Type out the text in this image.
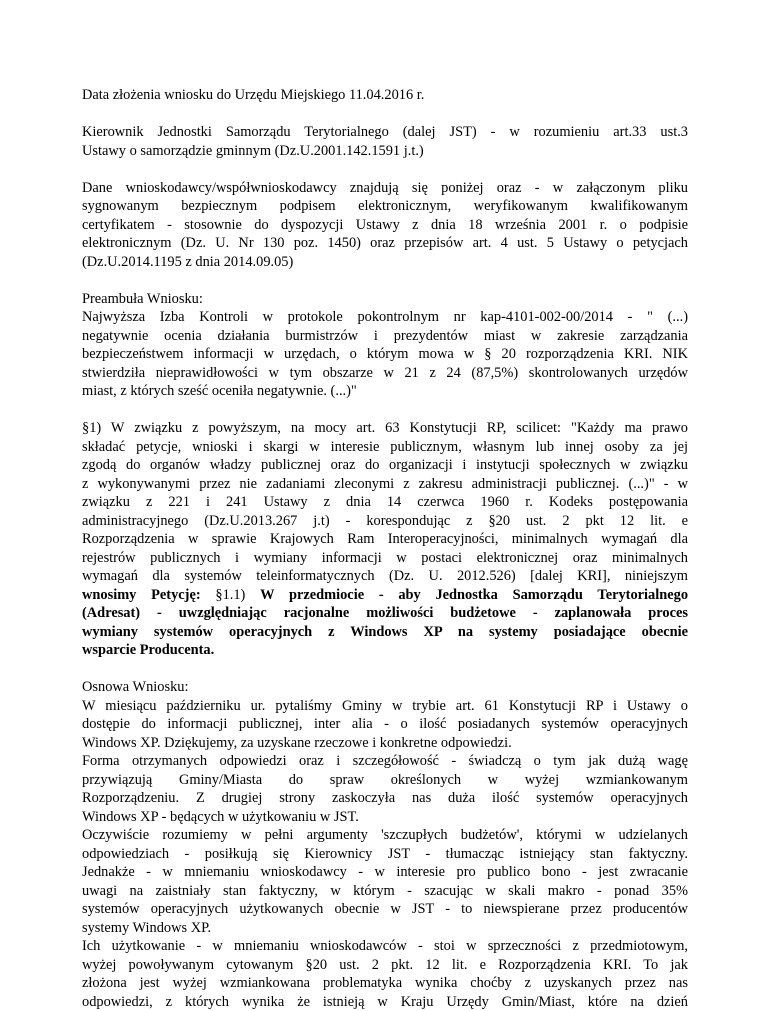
Data złożenia wniosku do Urzędu Miejskiego 11.04.2016 r.

Kierownik Jednostki Samorządu Terytorialnego (dalej JST) - w rozumieniu art.33 ust.3
Ustawy o samorządzie gminnym (Dz.U.2001.142.1591 j.t.)

Dane wnioskodawcy/współwnioskodawcy znajdują się poniżej oraz - w załączonym pliku
sygnowanym bezpiecznym podpisem elektronicznym, weryfikowanym kwalifikowanym
certyfikatem - stosownie do dyspozycji Ustawy z dnia 18 września 2001 r. o podpisie
elektronicznym (Dz. U. Nr 130 poz. 1450) oraz przepisów art. 4 ust. 5 Ustawy o petycjach
(Dz.U.2014.1195 z dnia 2014.09.05)

Preambuła Wniosku:
Najwyższa Izba Kontroli w protokole pokontrolnym nr kap-4101-002-00/2014 - " (...)
negatywnie ocenia działania burmistrzów i prezydentów miast w zakresie zarządzania
bezpieczeństwem informacji w urzędach, o którym mowa w § 20 rozporządzenia KRI. NIK
stwierdziła nieprawidłowości w tym obszarze w 21 z 24 (87,5%) skontrolowanych urzędów
miast, z których sześć oceniła negatywnie. (...)"

§1) W związku z powyższym, na mocy art. 63 Konstytucji RP, scilicet: "Każdy ma prawo
składać petycje, wnioski i skargi w interesie publicznym, własnym lub innej osoby za jej
zgodą do organów władzy publicznej oraz do organizacji i instytucji społecznych w związku
z wykonywanymi przez nie zadaniami zleconymi z zakresu administracji publicznej. (...)" - w
związku z 221 i 241 Ustawy z dnia 14 czerwca 1960 r. Kodeks postępowania
administracyjnego (Dz.U.2013.267 j.t) - korespondując z §20 ust. 2 pkt 12 lit. e
Rozporządzenia w sprawie Krajowych Ram Interoperacyjności, minimalnych wymagań dla
rejestrów publicznych i wymiany informacji w postaci elektronicznej oraz minimalnych
wymagań dla systemów teleinformatycznych (Dz. U. 2012.526) [dalej KRI], niniejszym
wnosimy Petycję: §1.1) W przedmiocie - aby Jednostka Samorządu Terytorialnego
(Adresat) - uwzględniając racjonalne możliwości budżetowe - zaplanowała proces
wymiany systemów operacyjnych z Windows XP na systemy posiadające obecnie
wsparcie Producenta.

Osnowa Wniosku:
W miesiącu październiku ur. pytaliśmy Gminy w trybie art. 61 Konstytucji RP i Ustawy o
dostępie do informacji publicznej, inter alia - o ilość posiadanych systemów operacyjnych
Windows XP. Dziękujemy, za uzyskane rzeczowe i konkretne odpowiedzi.
Forma otrzymanych odpowiedzi oraz i szczegółowość - świadczą o tym jak dużą wagę
przywiązują Gminy/Miasta do spraw określonych w wyżej wzmiankowanym
Rozporządzeniu. Z drugiej strony zaskoczyła nas duża ilość systemów operacyjnych
Windows XP - będących w użytkowaniu w JST.
Oczywiście rozumiemy w pełni argumenty 'szczupłych budżetów', którymi w udzielanych
odpowiedziach - posiłkują się Kierownicy JST - tłumacząc istniejący stan faktyczny.
Jednakże - w mniemaniu wnioskodawcy - w interesie pro publico bono - jest zwracanie
uwagi na zaistniały stan faktyczny, w którym - szacując w skali makro - ponad 35%
systemów operacyjnych użytkowanych obecnie w JST - to niewspierane przez producentów
systemy Windows XP.
Ich użytkowanie - w mniemaniu wnioskodawców - stoi w sprzeczności z przedmiotowym,
wyżej powoływanym cytowanym §20 ust. 2 pkt. 12 lit. e Rozporządzenia KRI. To jak
złożona jest wyżej wzmiankowana problematyka wynika choćby z uzyskanych przez nas
odpowiedzi, z których wynika że istnieją w Kraju Urzędy Gmin/Miast, które na dzień
